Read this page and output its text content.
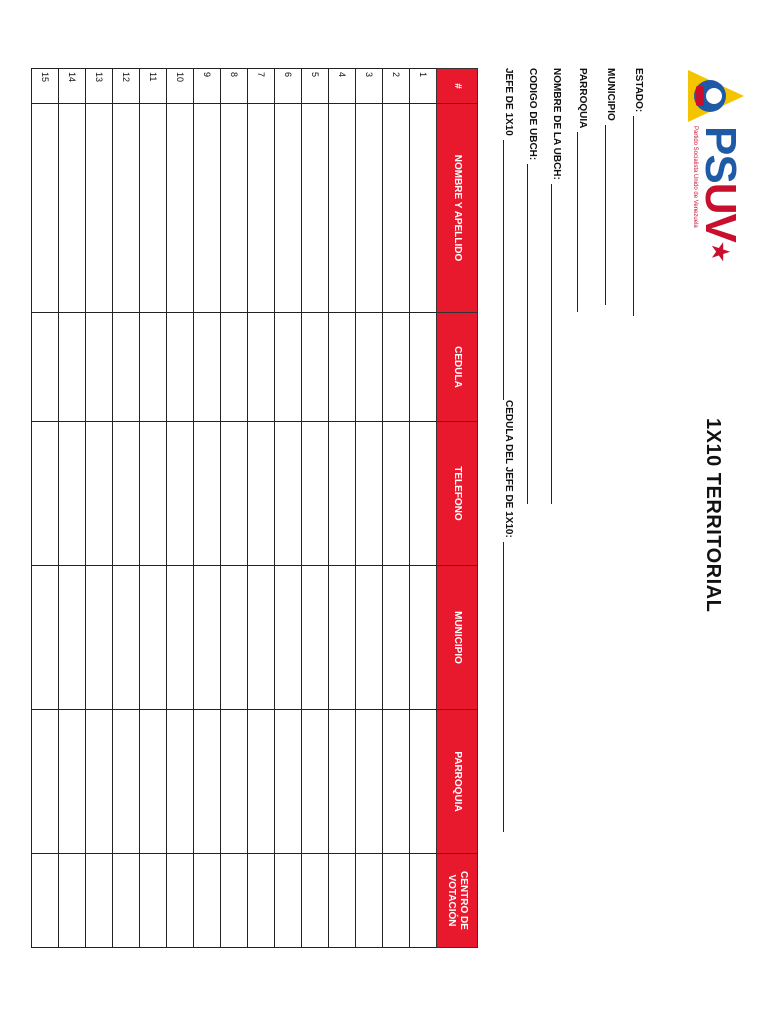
PSUV★
Partido Socialista Unido de Venezuela
1X10 TERRITORIAL
ESTADO:
MUNICIPIO
PARROQUIA
NOMBRE DE LA UBCH:
CODIGO DE UBCH:
JEFE DE 1X10
CEDULA DEL JEFE DE 1X10:
#	NOMBRE Y APELLIDO	CEDULA	TELEFONO	MUNICIPIO	PARROQUIA	CENTRO DE VOTACIÓN
1						
2						
3						
4						
5						
6						
7						
8						
9						
10						
11						
12						
13						
14						
15						
